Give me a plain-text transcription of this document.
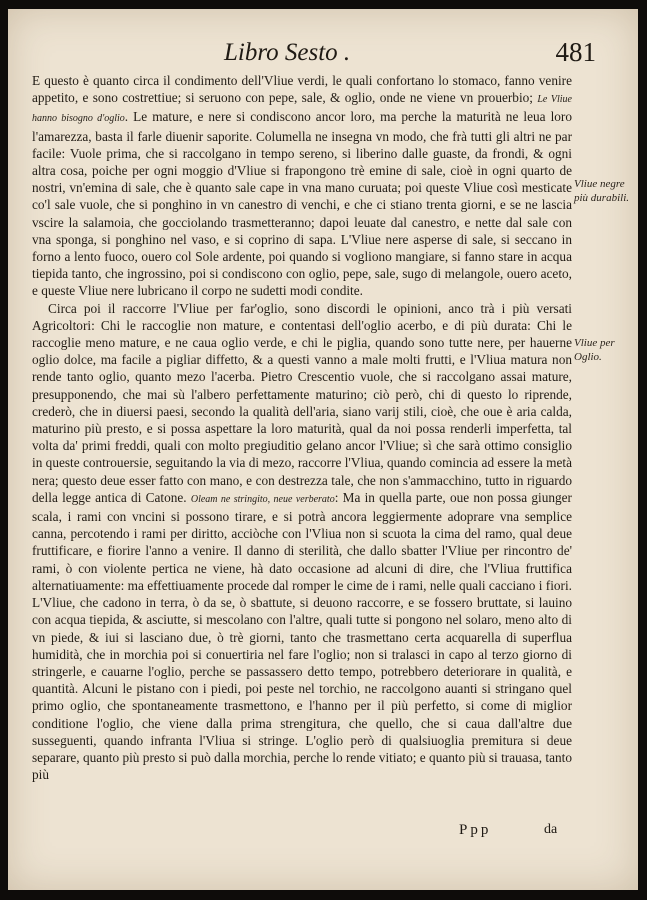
Libro Sesto .	481

E questo è quanto circa il condimento dell'Vliue verdi, le quali confortano lo stomaco, fanno venire appetito, e sono costrettiue; si seruono con pepe, sale, & oglio, onde ne viene vn prouerbio; Le Vliue hanno bisogno d'oglio. Le mature, e nere si condiscono ancor loro, ma perche la maturità ne leua loro l'amarezza, basta il farle diuenir saporite. Columella ne insegna vn modo, che frà tutti gli altri ne par facile: Vuole prima, che si raccolgano in tempo sereno, si liberino dalle guaste, da frondi, & ogni altra cosa, poiche per ogni moggio d'Vliue si frapongono trè emine di sale, cioè in ogni quarto de nostri, vn'emina di sale, che è quanto sale cape in vna mano curuata; poi queste Vliue così mesticate co'l sale vuole, che si ponghino in vn canestro di venchi, e che ci stiano trenta giorni, e se ne lascia vscire la salamoia, che gocciolando trasmetteranno; dapoi leuate dal canestro, e nette dal sale con vna sponga, si ponghino nel vaso, e si coprino di sapa. L'Vliue nere asperse di sale, si seccano in forno a lento fuoco, ouero col Sole ardente, poi quando si vogliono mangiare, si fanno stare in acqua tiepida tanto, che ingrossino, poi si condiscono con oglio, pepe, sale, sugo di melangole, ouero aceto, e queste Vliue nere lubricano il corpo ne sudetti modi condite.

Circa poi il raccorre l'Vliue per far'oglio, sono discordi le opinioni, anco trà i più versati Agricoltori: Chi le raccoglie non mature, e contentasi dell'oglio acerbo, e di più durata: Chi le raccoglie meno mature, e ne caua oglio verde, e chi le piglia, quando sono tutte nere, per hauerne oglio dolce, ma facile a pigliar diffetto, & a questi vanno a male molti frutti, e l'Vliua matura non rende tanto oglio, quanto mezo l'acerba. Pietro Crescentio vuole, che si raccolgano assai mature, presupponendo, che mai sù l'albero perfettamente maturino; ciò però, chi di questo lo riprende, crederò, che in diuersi paesi, secondo la qualità dell'aria, siano varij stili, cioè, che oue è aria calda, maturino più presto, e si possa aspettare la loro maturità, qual da noi possa renderli imperfetta, tal volta da' primi freddi, quali con molto pregiuditio gelano ancor l'Vliue; sì che sarà ottimo consiglio in queste controuersie, seguitando la via di mezo, raccorre l'Vliua, quando comincia ad essere la metà nera; questo deue esser fatto con mano, e con destrezza tale, che non s'ammacchino, tutto in riguardo della legge antica di Catone. Oleam ne stringito, neue verberato: Ma in quella parte, oue non possa giunger scala, i rami con vncini si possono tirare, e si potrà ancora leggiermente adoprare vna semplice canna, percotendo i rami per diritto, acciòche con l'Vliua non si scuota la cima del ramo, qual deue fruttificare, e fiorire l'anno a venire. Il danno di sterilità, che dallo sbatter l'Vliue per rincontro de' rami, ò con violente pertica ne viene, hà dato occasione ad alcuni di dire, che l'Vliua fruttifica alternatiuamente: ma effettiuamente procede dal romper le cime de i rami, nelle quali cacciano i fiori. L'Vliue, che cadono in terra, ò da se, ò sbattute, si deuono raccorre, e se fossero bruttate, si lauino con acqua tiepida, & asciutte, si mescolano con l'altre, quali tutte si pongono nel solaro, meno alto di vn piede, & iui si lasciano due, ò trè giorni, tanto che trasmettano certa acquarella di superflua humidità, che in morchia poi si conuertiria nel fare l'oglio; non si tralasci in capo al terzo giorno di stringerle, e cauarne l'oglio, perche se passassero detto tempo, potrebbero deteriorare in qualità, e quantità. Alcuni le pistano con i piedi, poi peste nel torchio, ne raccolgono auanti si stringano quel primo oglio, che spontaneamente trasmettono, e l'hanno per il più perfetto, si come di miglior conditione l'oglio, che viene dalla prima strengitura, che quello, che si caua dall'altre due susseguenti, quando infranta l'Vliua si stringe. L'oglio però di qualsiuoglia premitura si deue separare, quanto più presto si può dalla morchia, perche lo rende vitiato; e quanto più si trauasa, tanto più

Vliue negre più durabili.
Vliue per Oglio.
Ppp	da
